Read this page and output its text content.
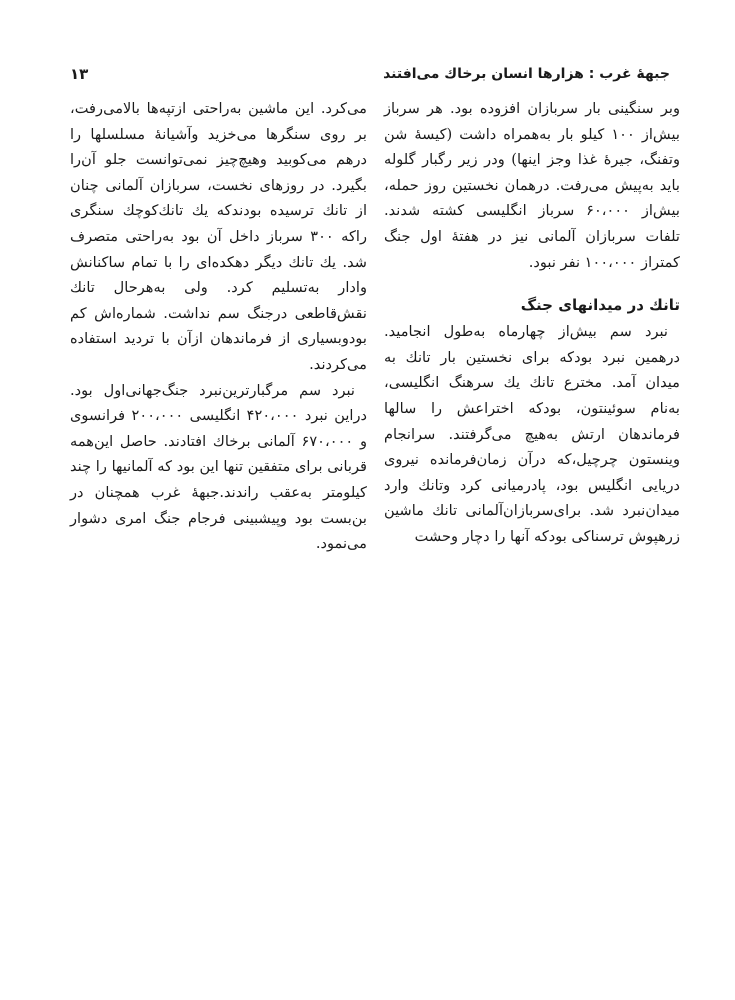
جبهۀ غرب : هزارها انسان برخاك مى‌افتند
۱۳

وبر سنگینی بار سربازان افزوده بود. هر سرباز بیش‌از ۱۰۰ کیلو بار به‌همراه داشت (کیسۀ شن وتفنگ، جیرۀ غذا وجز اینها) ودر زیر رگبار گلوله باید به‌پیش می‌رفت. درهمان نخستین روز حمله، بیش‌از ۶۰،۰۰۰ سرباز انگلیسی کشته شدند. تلفات سربازان آلمانی نیز در هفتۀ اول جنگ کمتراز ۱۰۰،۰۰۰ نفر نبود.

تانك در میدانهای جنگ

نبرد سم بیش‌از چهارماه به‌طول انجامید. درهمین نبرد بودکه برای نخستین بار تانك به میدان آمد. مخترع تانك یك سرهنگ انگلیسی، به‌نام سوئینتون، بودکه اختراعش را سالها فرماندهان ارتش به‌هیچ می‌گرفتند. سرانجام وینستون چرچیل،که درآن زمان‌فرمانده نیروی دریایی انگلیس بود، پادرمیانی کرد وتانك وارد میدان‌نبرد شد. برای‌سربازان‌آلمانی تانك ماشین زرهپوش ترسناکی بودکه آنها را دچار وحشت

می‌کرد. این ماشین به‌راحتی ازتپه‌ها بالامی‌رفت، بر روی سنگرها می‌خزید وآشیانۀ مسلسلها را درهم می‌کوبید وهیچ‌چیز نمی‌توانست جلو آن‌را بگیرد. در روزهای نخست، سربازان آلمانی چنان از تانك ترسیده بودندکه یك تانك‌کوچك سنگری راکه ۳۰۰ سرباز داخل آن بود به‌راحتی متصرف شد. یك تانك دیگر دهکده‌ای را با تمام ساکنانش وادار به‌تسلیم کرد. ولی به‌هرحال تانك نقش‌قاطعی درجنگ سم نداشت. شماره‌اش کم بودوبسیاری از فرماندهان ازآن با تردید استفاده می‌کردند.

نبرد سم مرگبارترین‌نبرد جنگ‌جهانی‌اول بود. دراین نبرد ۴۲۰،۰۰۰ انگلیسی ۲۰۰،۰۰۰ فرانسوی و ۶۷۰،۰۰۰ آلمانی برخاك افتادند. حاصل این‌همه قربانی برای متفقین تنها این بود که آلمانیها را چند کیلومتر به‌عقب راندند.جبهۀ غرب همچنان در بن‌بست بود وپیشبینی فرجام جنگ امری دشوار می‌نمود.
